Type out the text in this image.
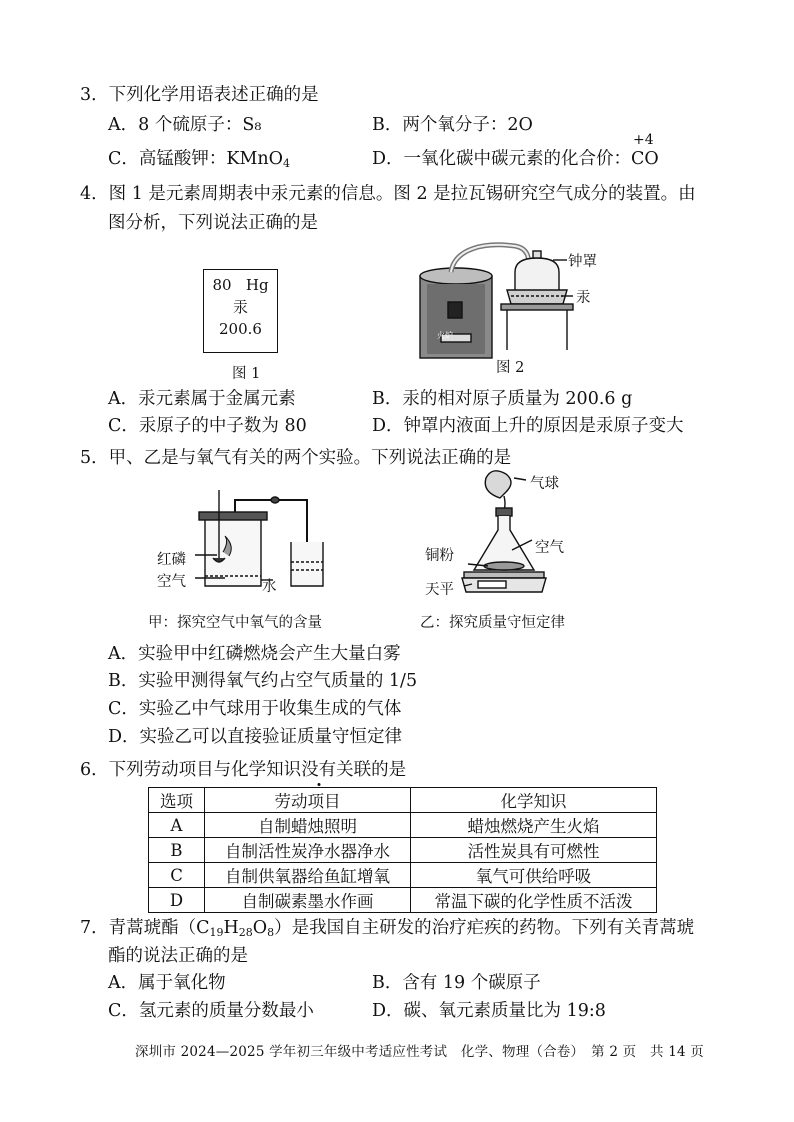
3．下列化学用语表述正确的是
A．8 个硫原子：S₈	B．两个氧分子：2O
C．高锰酸钾：KMnO$_4$	D．一氧化碳中碳元素的化合价：
+4
CO
4．图 1 是元素周期表中汞元素的信息。图 2 是拉瓦锡研究空气成分的装置。由
图分析，下列说法正确的是
80 Hg
汞
200.6
图 1
火炉
钟罩
汞
图 2
A．汞元素属于金属元素	B．汞的相对原子质量为 200.6 g
C．汞原子的中子数为 80	D．钟罩内液面上升的原因是汞原子变大
5．甲、乙是与氧气有关的两个实验。下列说法正确的是
红磷
空气	水
甲：探究空气中氧气的含量
气球
空气
铜粉
天平
乙：探究质量守恒定律
A．实验甲中红磷燃烧会产生大量白雾
B．实验甲测得氧气约占空气质量的 1/5
C．实验乙中气球用于收集生成的气体
D．实验乙可以直接验证质量守恒定律
6．下列劳动项目与化学知识没有关联的是
选项	劳动项目	化学知识
A	自制蜡烛照明	蜡烛燃烧产生火焰
B	自制活性炭净水器净水	活性炭具有可燃性
C	自制供氧器给鱼缸增氧	氧气可供给呼吸
D	自制碳素墨水作画	常温下碳的化学性质不活泼
7．青蒿琥酯$(C_{19}H_{28}O_8)$是我国自主研发的治疗疟疾的药物。下列有关青蒿琥
酯的说法正确的是
A．属于氧化物	B．含有 19 个碳原子
C．氢元素的质量分数最小	D．碳、氧元素质量比为 19:8
深圳市 2024—2025 学年初三年级中考适应性考试　化学、物理（合卷）　第 2 页　共 14 页
